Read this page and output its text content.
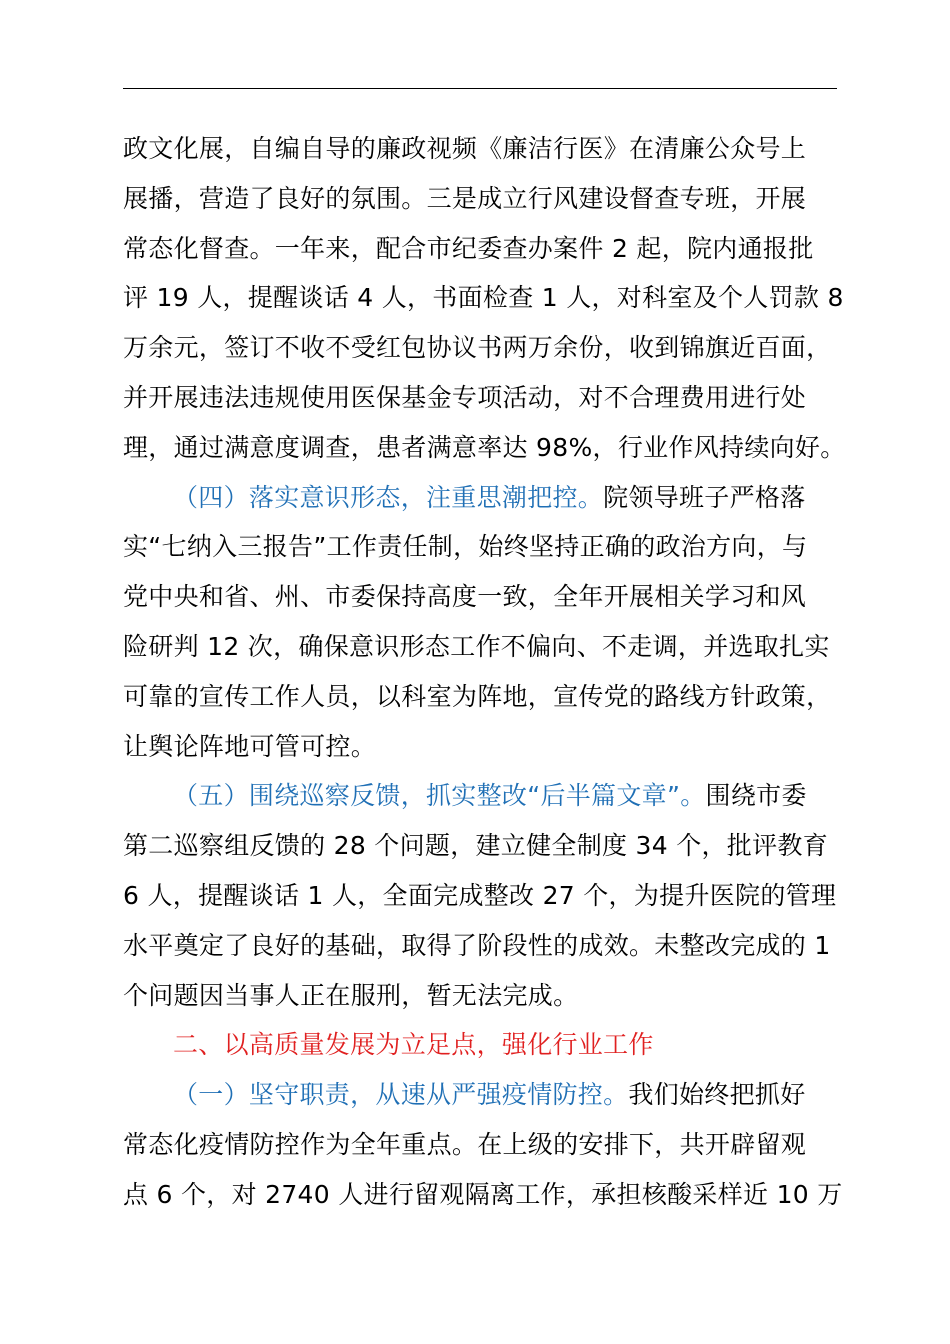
政文化展，自编自导的廉政视频《廉洁行医》在清廉公众号上
展播，营造了良好的氛围。三是成立行风建设督查专班，开展
常态化督查。一年来，配合市纪委查办案件 2 起，院内通报批
评 19 人，提醒谈话 4 人，书面检查 1 人，对科室及个人罚款 8
万余元，签订不收不受红包协议书两万余份，收到锦旗近百面，
并开展违法违规使用医保基金专项活动，对不合理费用进行处
理，通过满意度调查，患者满意率达 98%，行业作风持续向好。

（四）落实意识形态，注重思潮把控。院领导班子严格落
实“七纳入三报告”工作责任制，始终坚持正确的政治方向，与
党中央和省、州、市委保持高度一致，全年开展相关学习和风
险研判 12 次，确保意识形态工作不偏向、不走调，并选取扎实
可靠的宣传工作人员，以科室为阵地，宣传党的路线方针政策，
让舆论阵地可管可控。

（五）围绕巡察反馈，抓实整改“后半篇文章”。围绕市委
第二巡察组反馈的 28 个问题，建立健全制度 34 个，批评教育
6 人，提醒谈话 1 人，全面完成整改 27 个，为提升医院的管理
水平奠定了良好的基础，取得了阶段性的成效。未整改完成的 1
个问题因当事人正在服刑，暂无法完成。

二、以高质量发展为立足点，强化行业工作

（一）坚守职责，从速从严强疫情防控。我们始终把抓好
常态化疫情防控作为全年重点。在上级的安排下，共开辟留观
点 6 个，对 2740 人进行留观隔离工作，承担核酸采样近 10 万
